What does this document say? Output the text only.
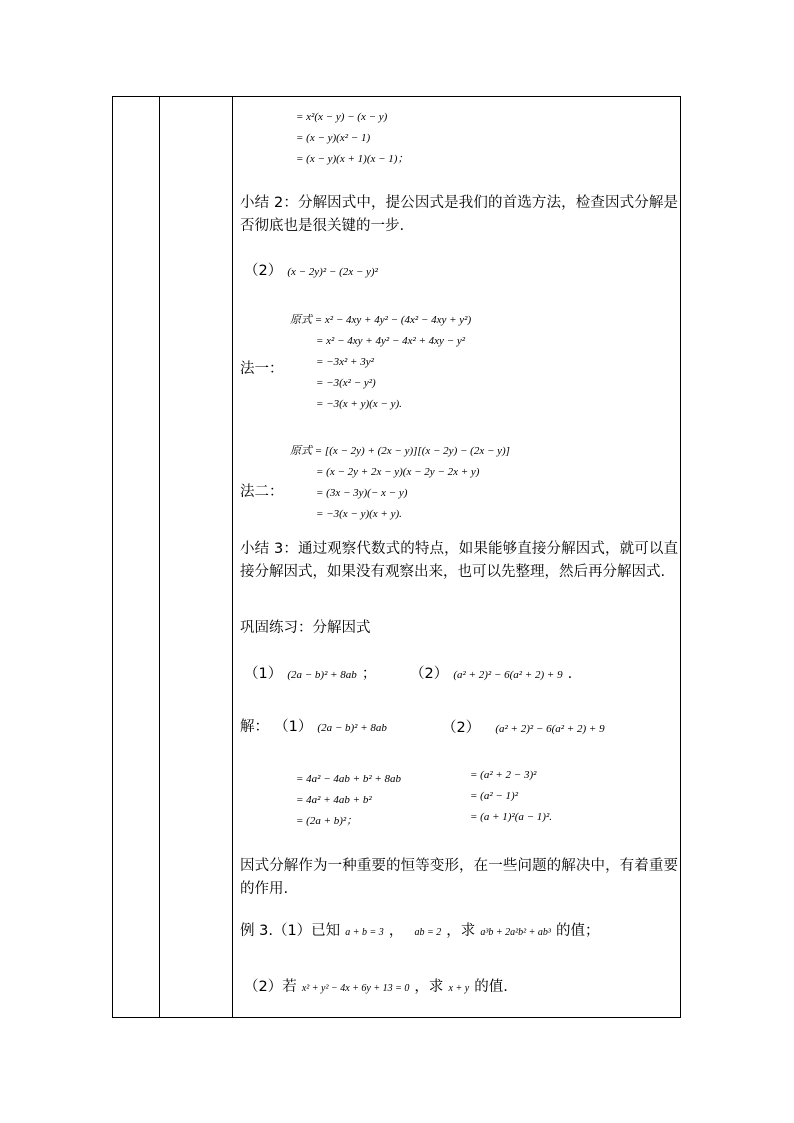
= x²(x − y) − (x − y)
= (x − y)(x² − 1)
= (x − y)(x + 1)(x − 1)；
小结 2：分解因式中，提公因式是我们的首选方法，检查因式分解是否彻底也是很关键的一步.
（2） (x − 2y)² − (2x − y)²
原式 = x² − 4xy + 4y² − (4x² − 4xy + y²)
= x² − 4xy + 4y² − 4x² + 4xy − y²
= −3x² + 3y²
= −3(x² − y²)
= −3(x + y)(x − y).
法一：
原式 = [(x − 2y) + (2x − y)][(x − 2y) − (2x − y)]
= (x − 2y + 2x − y)(x − 2y − 2x + y)
= (3x − 3y)(− x − y)
= −3(x − y)(x + y).
法二：
小结 3：通过观察代数式的特点，如果能够直接分解因式，就可以直接分解因式，如果没有观察出来，也可以先整理，然后再分解因式.
巩固练习：分解因式
（1） (2a − b)² + 8ab ； （2） (a² + 2)² − 6(a² + 2) + 9 .
解： （1） (2a − b)² + 8ab	（2） (a² + 2)² − 6(a² + 2) + 9
= 4a² − 4ab + b² + 8ab
= 4a² + 4ab + b²
= (2a + b)²；
= (a² + 2 − 3)²
= (a² − 1)²
= (a + 1)²(a − 1)².
因式分解作为一种重要的恒等变形，在一些问题的解决中，有着重要的作用.
例 3.（1）已知 a + b = 3 ， ab = 2 ，求 a³b + 2a²b² + ab³ 的值；
（2）若 x² + y² − 4x + 6y + 13 = 0 ，求 x + y 的值.
